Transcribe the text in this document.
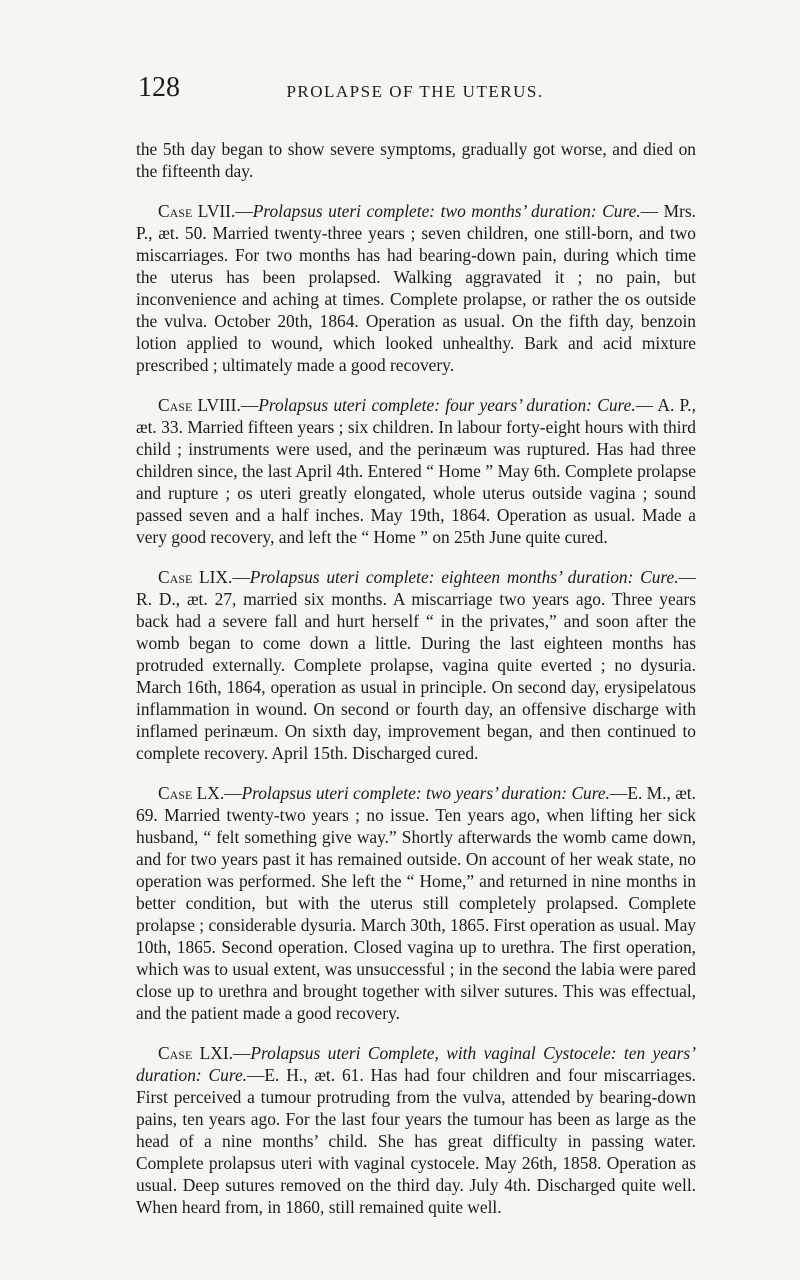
128	PROLAPSE OF THE UTERUS.

the 5th day began to show severe symptoms, gradually got worse, and died on the fifteenth day.

Case LVII.—Prolapsus uteri complete: two months’ duration: Cure.— Mrs. P., æt. 50. Married twenty-three years ; seven children, one still-born, and two miscarriages. For two months has had bearing-down pain, during which time the uterus has been prolapsed. Walking aggravated it ; no pain, but inconvenience and aching at times. Complete prolapse, or rather the os outside the vulva. October 20th, 1864. Operation as usual. On the fifth day, benzoin lotion applied to wound, which looked unhealthy. Bark and acid mixture prescribed ; ultimately made a good recovery.

Case LVIII.—Prolapsus uteri complete: four years’ duration: Cure.— A. P., æt. 33. Married fifteen years ; six children. In labour forty-eight hours with third child ; instruments were used, and the perinæum was ruptured. Has had three children since, the last April 4th. Entered “ Home ” May 6th. Complete prolapse and rupture ; os uteri greatly elongated, whole uterus outside vagina ; sound passed seven and a half inches. May 19th, 1864. Operation as usual. Made a very good recovery, and left the “ Home ” on 25th June quite cured.

Case LIX.—Prolapsus uteri complete: eighteen months’ duration: Cure.— R. D., æt. 27, married six months. A miscarriage two years ago. Three years back had a severe fall and hurt herself “ in the privates,” and soon after the womb began to come down a little. During the last eighteen months has protruded externally. Complete prolapse, vagina quite everted ; no dysuria. March 16th, 1864, operation as usual in principle. On second day, erysipelatous inflammation in wound. On second or fourth day, an offensive discharge with inflamed perinæum. On sixth day, improvement began, and then continued to complete recovery. April 15th. Discharged cured.

Case LX.—Prolapsus uteri complete: two years’ duration: Cure.—E. M., æt. 69. Married twenty-two years ; no issue. Ten years ago, when lifting her sick husband, “ felt something give way.” Shortly afterwards the womb came down, and for two years past it has remained outside. On account of her weak state, no operation was performed. She left the “ Home,” and returned in nine months in better condition, but with the uterus still completely prolapsed. Complete prolapse ; considerable dysuria. March 30th, 1865. First operation as usual. May 10th, 1865. Second operation. Closed vagina up to urethra. The first operation, which was to usual extent, was unsuccessful ; in the second the labia were pared close up to urethra and brought together with silver sutures. This was effectual, and the patient made a good recovery.

Case LXI.—Prolapsus uteri Complete, with vaginal Cystocele: ten years’ duration: Cure.—E. H., æt. 61. Has had four children and four miscarriages. First perceived a tumour protruding from the vulva, attended by bearing-down pains, ten years ago. For the last four years the tumour has been as large as the head of a nine months’ child. She has great difficulty in passing water. Complete prolapsus uteri with vaginal cystocele. May 26th, 1858. Operation as usual. Deep sutures removed on the third day. July 4th. Discharged quite well. When heard from, in 1860, still remained quite well.
